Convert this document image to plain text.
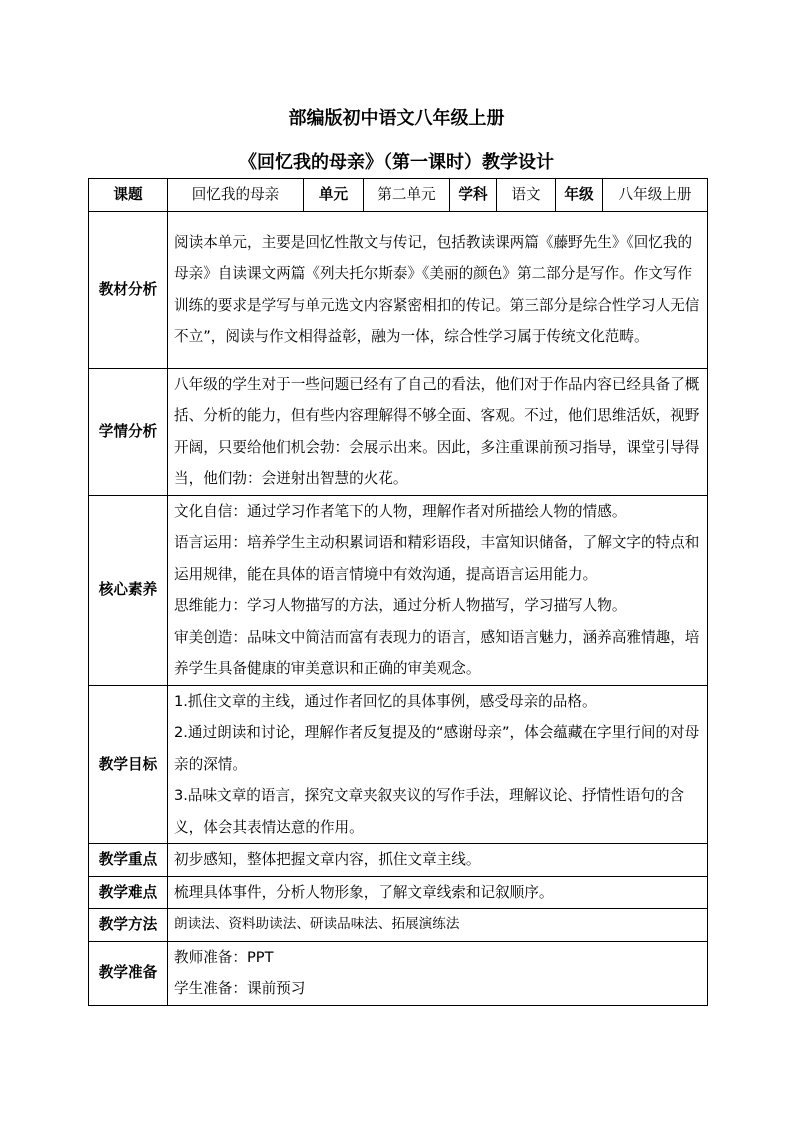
部编版初中语文八年级上册
《回忆我的母亲》（第一课时）教学设计
课题	回忆我的母亲	单元	第二单元	学科	语文	年级	八年级上册
教材分析	阅读本单元，主要是回忆性散文与传记，包括教读课两篇《藤野先生》《回忆我的母亲》自读课文两篇《列夫托尔斯泰》《美丽的颜色》第二部分是写作。作文写作训练的要求是学写与单元选文内容紧密相扣的传记。第三部分是综合性学习人无信不立”，阅读与作文相得益彰，融为一体，综合性学习属于传统文化范畴。						
学情分析	八年级的学生对于一些问题已经有了自己的看法，他们对于作品内容已经具备了概括、分析的能力，但有些内容理解得不够全面、客观。不过，他们思维活妖，视野开阔，只要给他们机会勃：会展示出来。因此，多注重课前预习指导，课堂引导得当，他们勃：会迸射出智慧的火花。						
核心素养	文化自信：通过学习作者笔下的人物，理解作者对所描绘人物的情感。
语言运用：培养学生主动积累词语和精彩语段，丰富知识储备，了解文字的特点和运用规律，能在具体的语言情境中有效沟通，提高语言运用能力。
思维能力：学习人物描写的方法，通过分析人物描写，学习描写人物。
审美创造：品味文中简洁而富有表现力的语言，感知语言魅力，涵养高雅情趣，培养学生具备健康的审美意识和正确的审美观念。						

教学目标	1.抓住文章的主线，通过作者回忆的具体事例，感受母亲的品格。
2.通过朗读和讨论，理解作者反复提及的“感谢母亲”，体会蕴藏在字里行间的对母亲的深情。
3.品味文章的语言，探究文章夹叙夹议的写作手法，理解议论、抒情性语句的含义，体会其表情达意的作用。						

教学重点	初步感知，整体把握文章内容，抓住文章主线。						
教学难点	梳理具体事件，分析人物形象，了解文章线索和记叙顺序。						
教学方法	朗读法、资料助读法、研读品味法、拓展演练法						
教学准备	教师准备：PPT
学生准备：课前预习						
